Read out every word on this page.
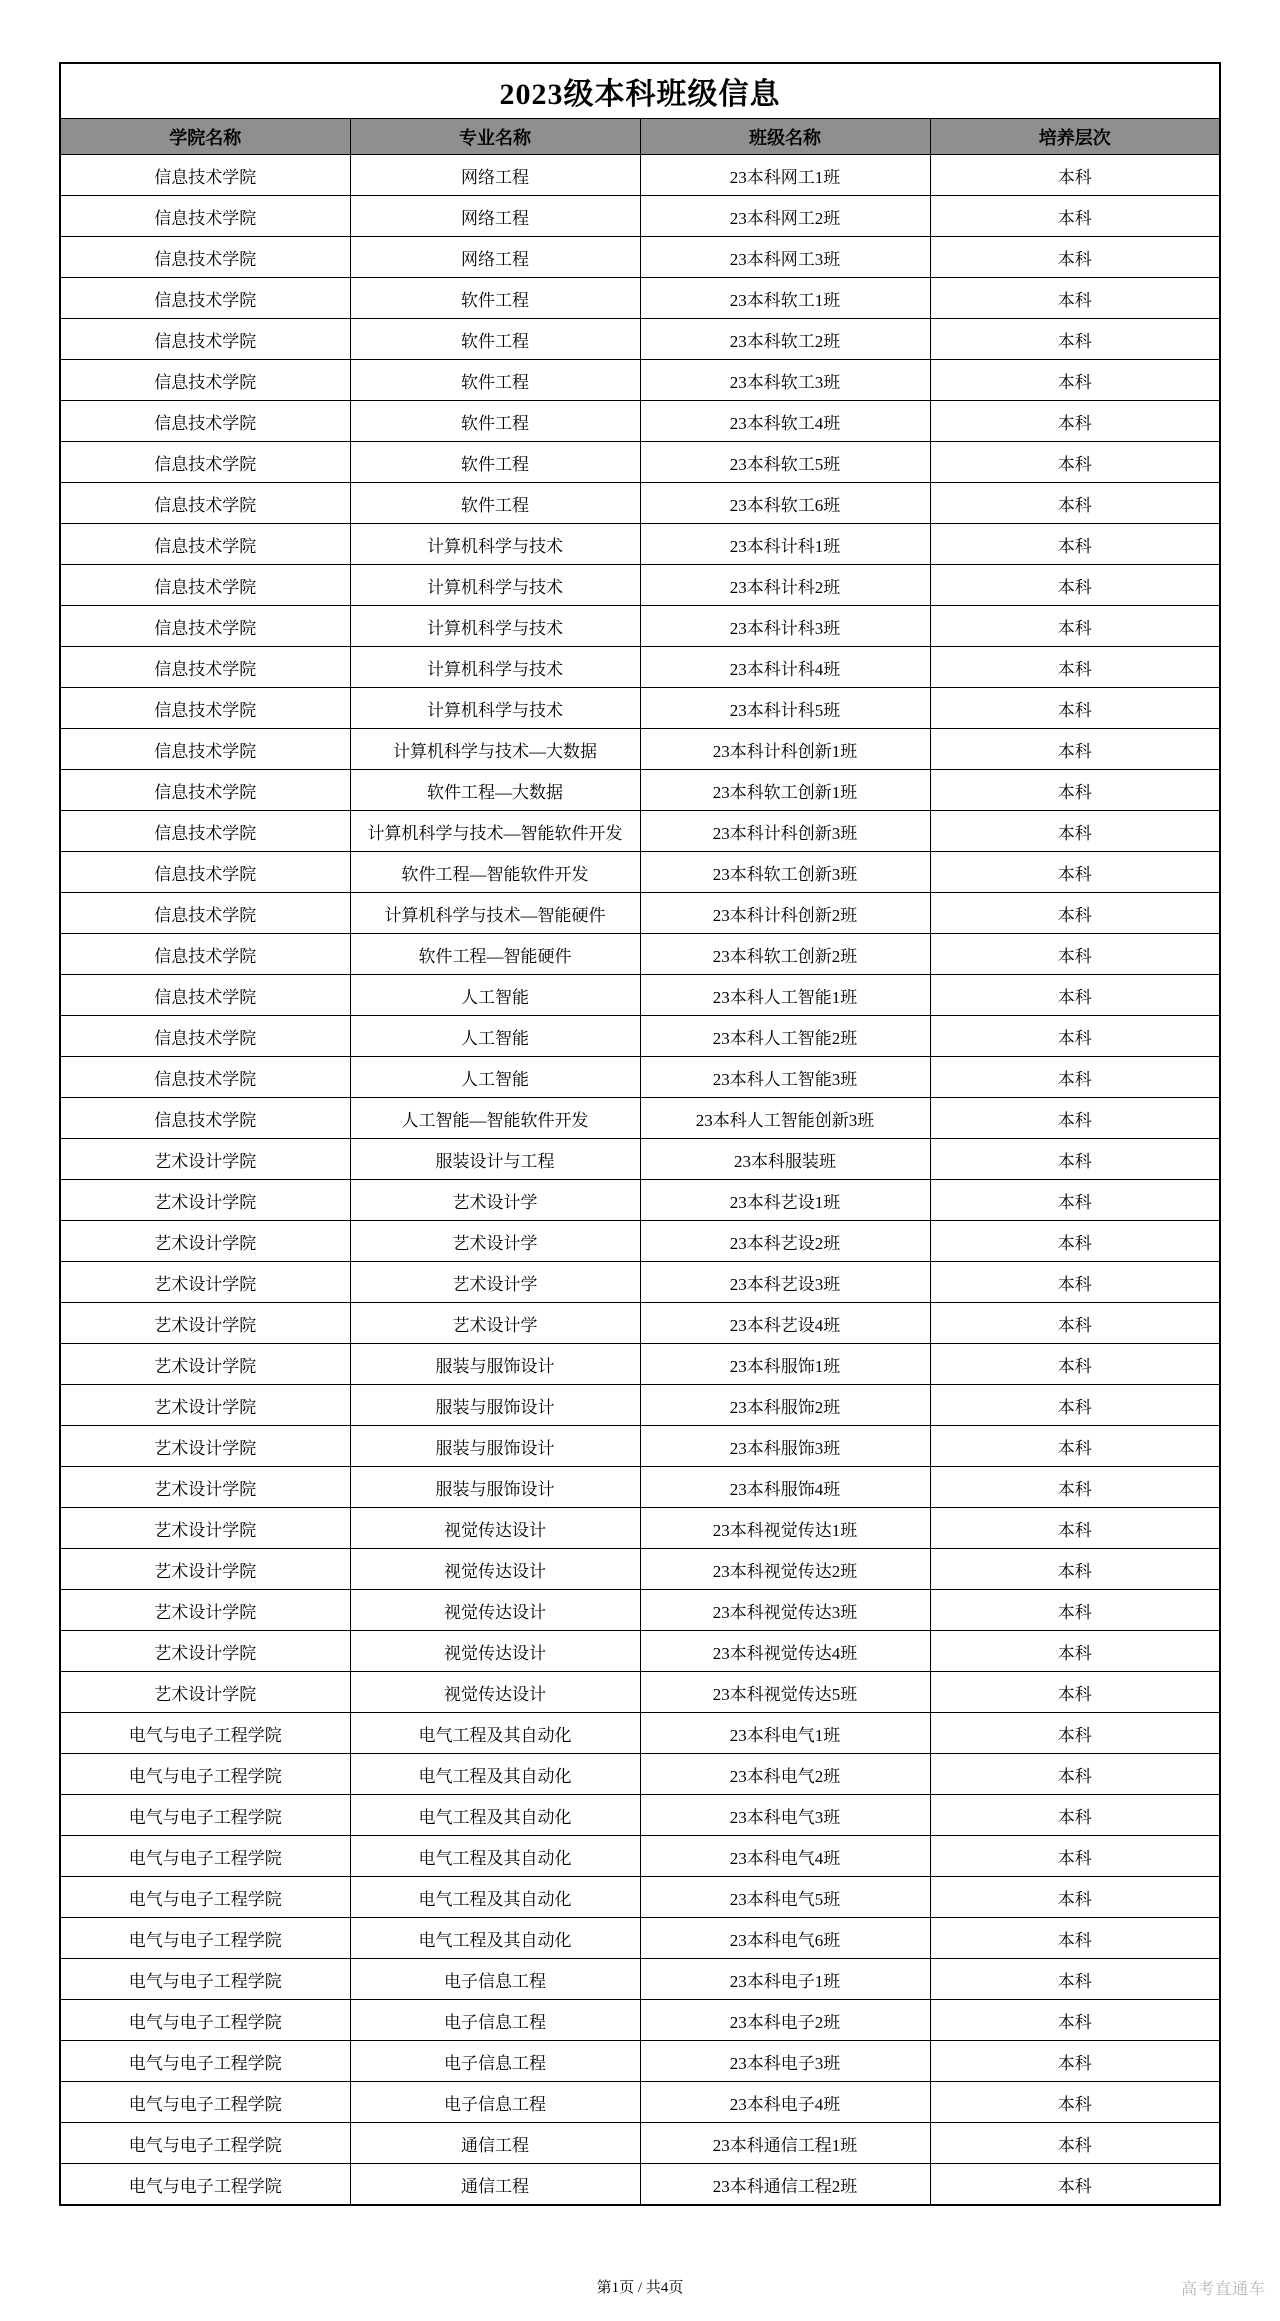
2023级本科班级信息			
学院名称	专业名称	班级名称	培养层次
信息技术学院	网络工程	23本科网工1班	本科
信息技术学院	网络工程	23本科网工2班	本科
信息技术学院	网络工程	23本科网工3班	本科
信息技术学院	软件工程	23本科软工1班	本科
信息技术学院	软件工程	23本科软工2班	本科
信息技术学院	软件工程	23本科软工3班	本科
信息技术学院	软件工程	23本科软工4班	本科
信息技术学院	软件工程	23本科软工5班	本科
信息技术学院	软件工程	23本科软工6班	本科
信息技术学院	计算机科学与技术	23本科计科1班	本科
信息技术学院	计算机科学与技术	23本科计科2班	本科
信息技术学院	计算机科学与技术	23本科计科3班	本科
信息技术学院	计算机科学与技术	23本科计科4班	本科
信息技术学院	计算机科学与技术	23本科计科5班	本科
信息技术学院	计算机科学与技术—大数据	23本科计科创新1班	本科
信息技术学院	软件工程—大数据	23本科软工创新1班	本科
信息技术学院	计算机科学与技术—智能软件开发	23本科计科创新3班	本科
信息技术学院	软件工程—智能软件开发	23本科软工创新3班	本科
信息技术学院	计算机科学与技术—智能硬件	23本科计科创新2班	本科
信息技术学院	软件工程—智能硬件	23本科软工创新2班	本科
信息技术学院	人工智能	23本科人工智能1班	本科
信息技术学院	人工智能	23本科人工智能2班	本科
信息技术学院	人工智能	23本科人工智能3班	本科
信息技术学院	人工智能—智能软件开发	23本科人工智能创新3班	本科
艺术设计学院	服装设计与工程	23本科服装班	本科
艺术设计学院	艺术设计学	23本科艺设1班	本科
艺术设计学院	艺术设计学	23本科艺设2班	本科
艺术设计学院	艺术设计学	23本科艺设3班	本科
艺术设计学院	艺术设计学	23本科艺设4班	本科
艺术设计学院	服装与服饰设计	23本科服饰1班	本科
艺术设计学院	服装与服饰设计	23本科服饰2班	本科
艺术设计学院	服装与服饰设计	23本科服饰3班	本科
艺术设计学院	服装与服饰设计	23本科服饰4班	本科
艺术设计学院	视觉传达设计	23本科视觉传达1班	本科
艺术设计学院	视觉传达设计	23本科视觉传达2班	本科
艺术设计学院	视觉传达设计	23本科视觉传达3班	本科
艺术设计学院	视觉传达设计	23本科视觉传达4班	本科
艺术设计学院	视觉传达设计	23本科视觉传达5班	本科
电气与电子工程学院	电气工程及其自动化	23本科电气1班	本科
电气与电子工程学院	电气工程及其自动化	23本科电气2班	本科
电气与电子工程学院	电气工程及其自动化	23本科电气3班	本科
电气与电子工程学院	电气工程及其自动化	23本科电气4班	本科
电气与电子工程学院	电气工程及其自动化	23本科电气5班	本科
电气与电子工程学院	电气工程及其自动化	23本科电气6班	本科
电气与电子工程学院	电子信息工程	23本科电子1班	本科
电气与电子工程学院	电子信息工程	23本科电子2班	本科
电气与电子工程学院	电子信息工程	23本科电子3班	本科
电气与电子工程学院	电子信息工程	23本科电子4班	本科
电气与电子工程学院	通信工程	23本科通信工程1班	本科
电气与电子工程学院	通信工程	23本科通信工程2班	本科
第1页 / 共4页	高考直通车
